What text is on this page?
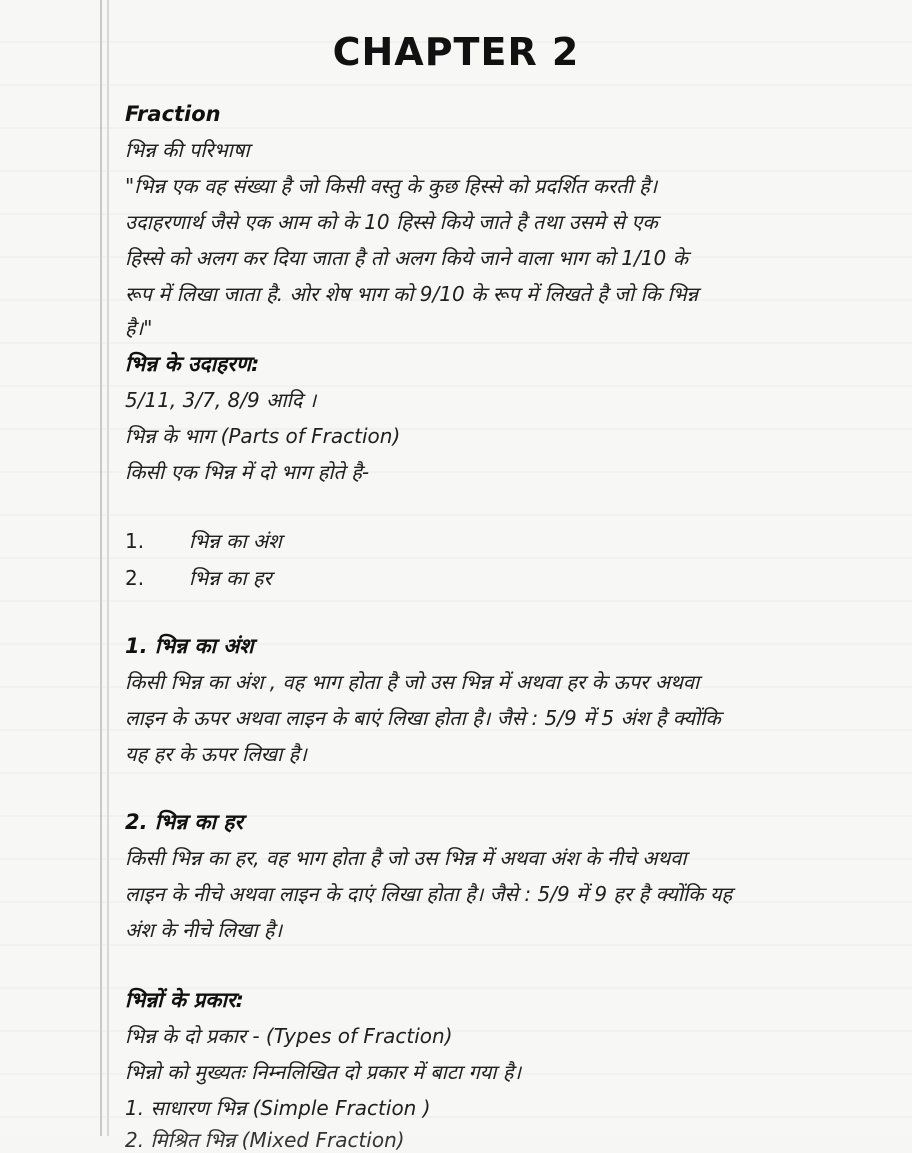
CHAPTER 2
Fraction
भिन्न की परिभाषा
"भिन्न एक वह संख्या है जो किसी वस्तु के कुछ हिस्से को प्रदर्शित करती है।
उदाहरणार्थ जैसे एक आम को के 10 हिस्से किये जाते है तथा उसमे से एक
हिस्से को अलग कर दिया जाता है तो अलग किये जाने वाला भाग को 1/10 के
रूप में लिखा जाता है. ओर शेष भाग को 9/10 के रूप में लिखते है जो कि भिन्न
है।"
भिन्न के उदाहरण:
5/11, 3/7, 8/9 आदि ।
भिन्न के भाग (Parts of Fraction)
किसी एक भिन्न में दो भाग होते है-
1. भिन्न का अंश
2. भिन्न का हर
1. भिन्न का अंश
किसी भिन्न का अंश , वह भाग होता है जो उस भिन्न में अथवा हर के ऊपर अथवा
लाइन के ऊपर अथवा लाइन के बाएं लिखा होता है। जैसे : 5/9 में 5 अंश है क्योंकि
यह हर के ऊपर लिखा है।
2. भिन्न का हर
किसी भिन्न का हर, वह भाग होता है जो उस भिन्न में अथवा अंश के नीचे अथवा
लाइन के नीचे अथवा लाइन के दाएं लिखा होता है। जैसे : 5/9 में 9 हर है क्योंकि यह
अंश के नीचे लिखा है।
भिन्नों के प्रकार:
भिन्न के दो प्रकार - (Types of Fraction)
भिन्नो को मुख्यतः निम्नलिखित दो प्रकार में बाटा गया है।
1. साधारण भिन्न (Simple Fraction )
2. मिश्रित भिन्न (Mixed Fraction)
